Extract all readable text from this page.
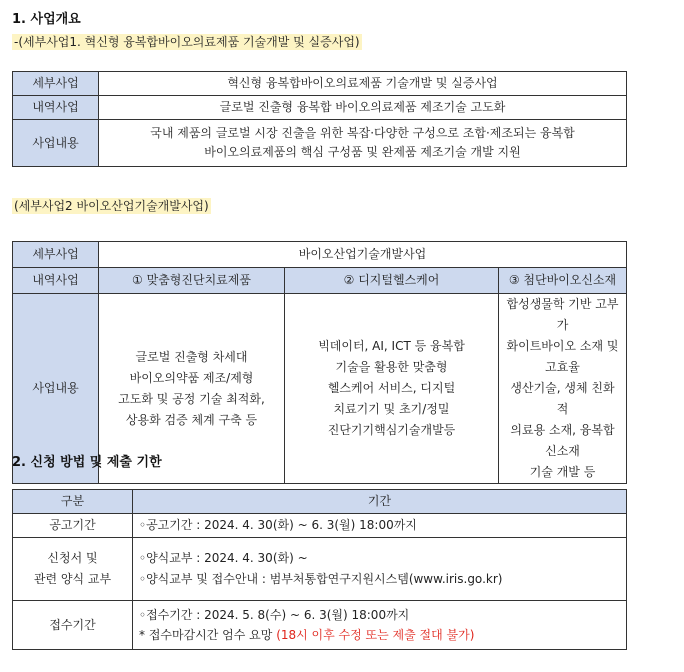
1. 사업개요
-(세부사업1. 혁신형 융복합바이오의료제품 기술개발 및 실증사업)
세부사업	혁신형 융복합바이오의료제품 기술개발 및 실증사업
내역사업	글로벌 진출형 융복합 바이오의료제품 제조기술 고도화
사업내용	국내 제품의 글로벌 시장 진출을 위한 복잡·다양한 구성으로 조합·제조되는 융복합
바이오의료제품의 핵심 구성품 및 완제품 제조기술 개발 지원
(세부사업2 바이오산업기술개발사업)
세부사업	바이오산업기술개발사업		
내역사업	① 맞춤형진단치료제품	② 디지털헬스케어	③ 첨단바이오신소재
사업내용	글로벌 진출형 차세대
바이오의약품 제조/제형
고도화 및 공정 기술 최적화,
상용화 검증 체계 구축 등	빅데이터, AI, ICT 등 융복합
기술을 활용한 맞춤형
헬스케어 서비스, 디지털
치료기기 및 초기/정밀
진단기기핵심기술개발등	합성생물학 기반 고부가
화이트바이오 소재 및 고효율
생산기술, 생체 친화적
의료용 소재, 융복합 신소재
기술 개발 등
2. 신청 방법 및 제출 기한
구분	기간
공고기간	◦공고기간 : 2024. 4. 30(화) ~ 6. 3(월) 18:00까지

신청서 및
관련 양식 교부	◦양식교부 : 2024. 4. 30(화) ~
◦양식교부 및 접수안내 : 범부처통합연구지원시스템(www.iris.go.kr)

접수기간	◦접수기간 : 2024. 5. 8(수) ~ 6. 3(월) 18:00까지
* 접수마감시간 엄수 요망 (18시 이후 수정 또는 제출 절대 불가)
